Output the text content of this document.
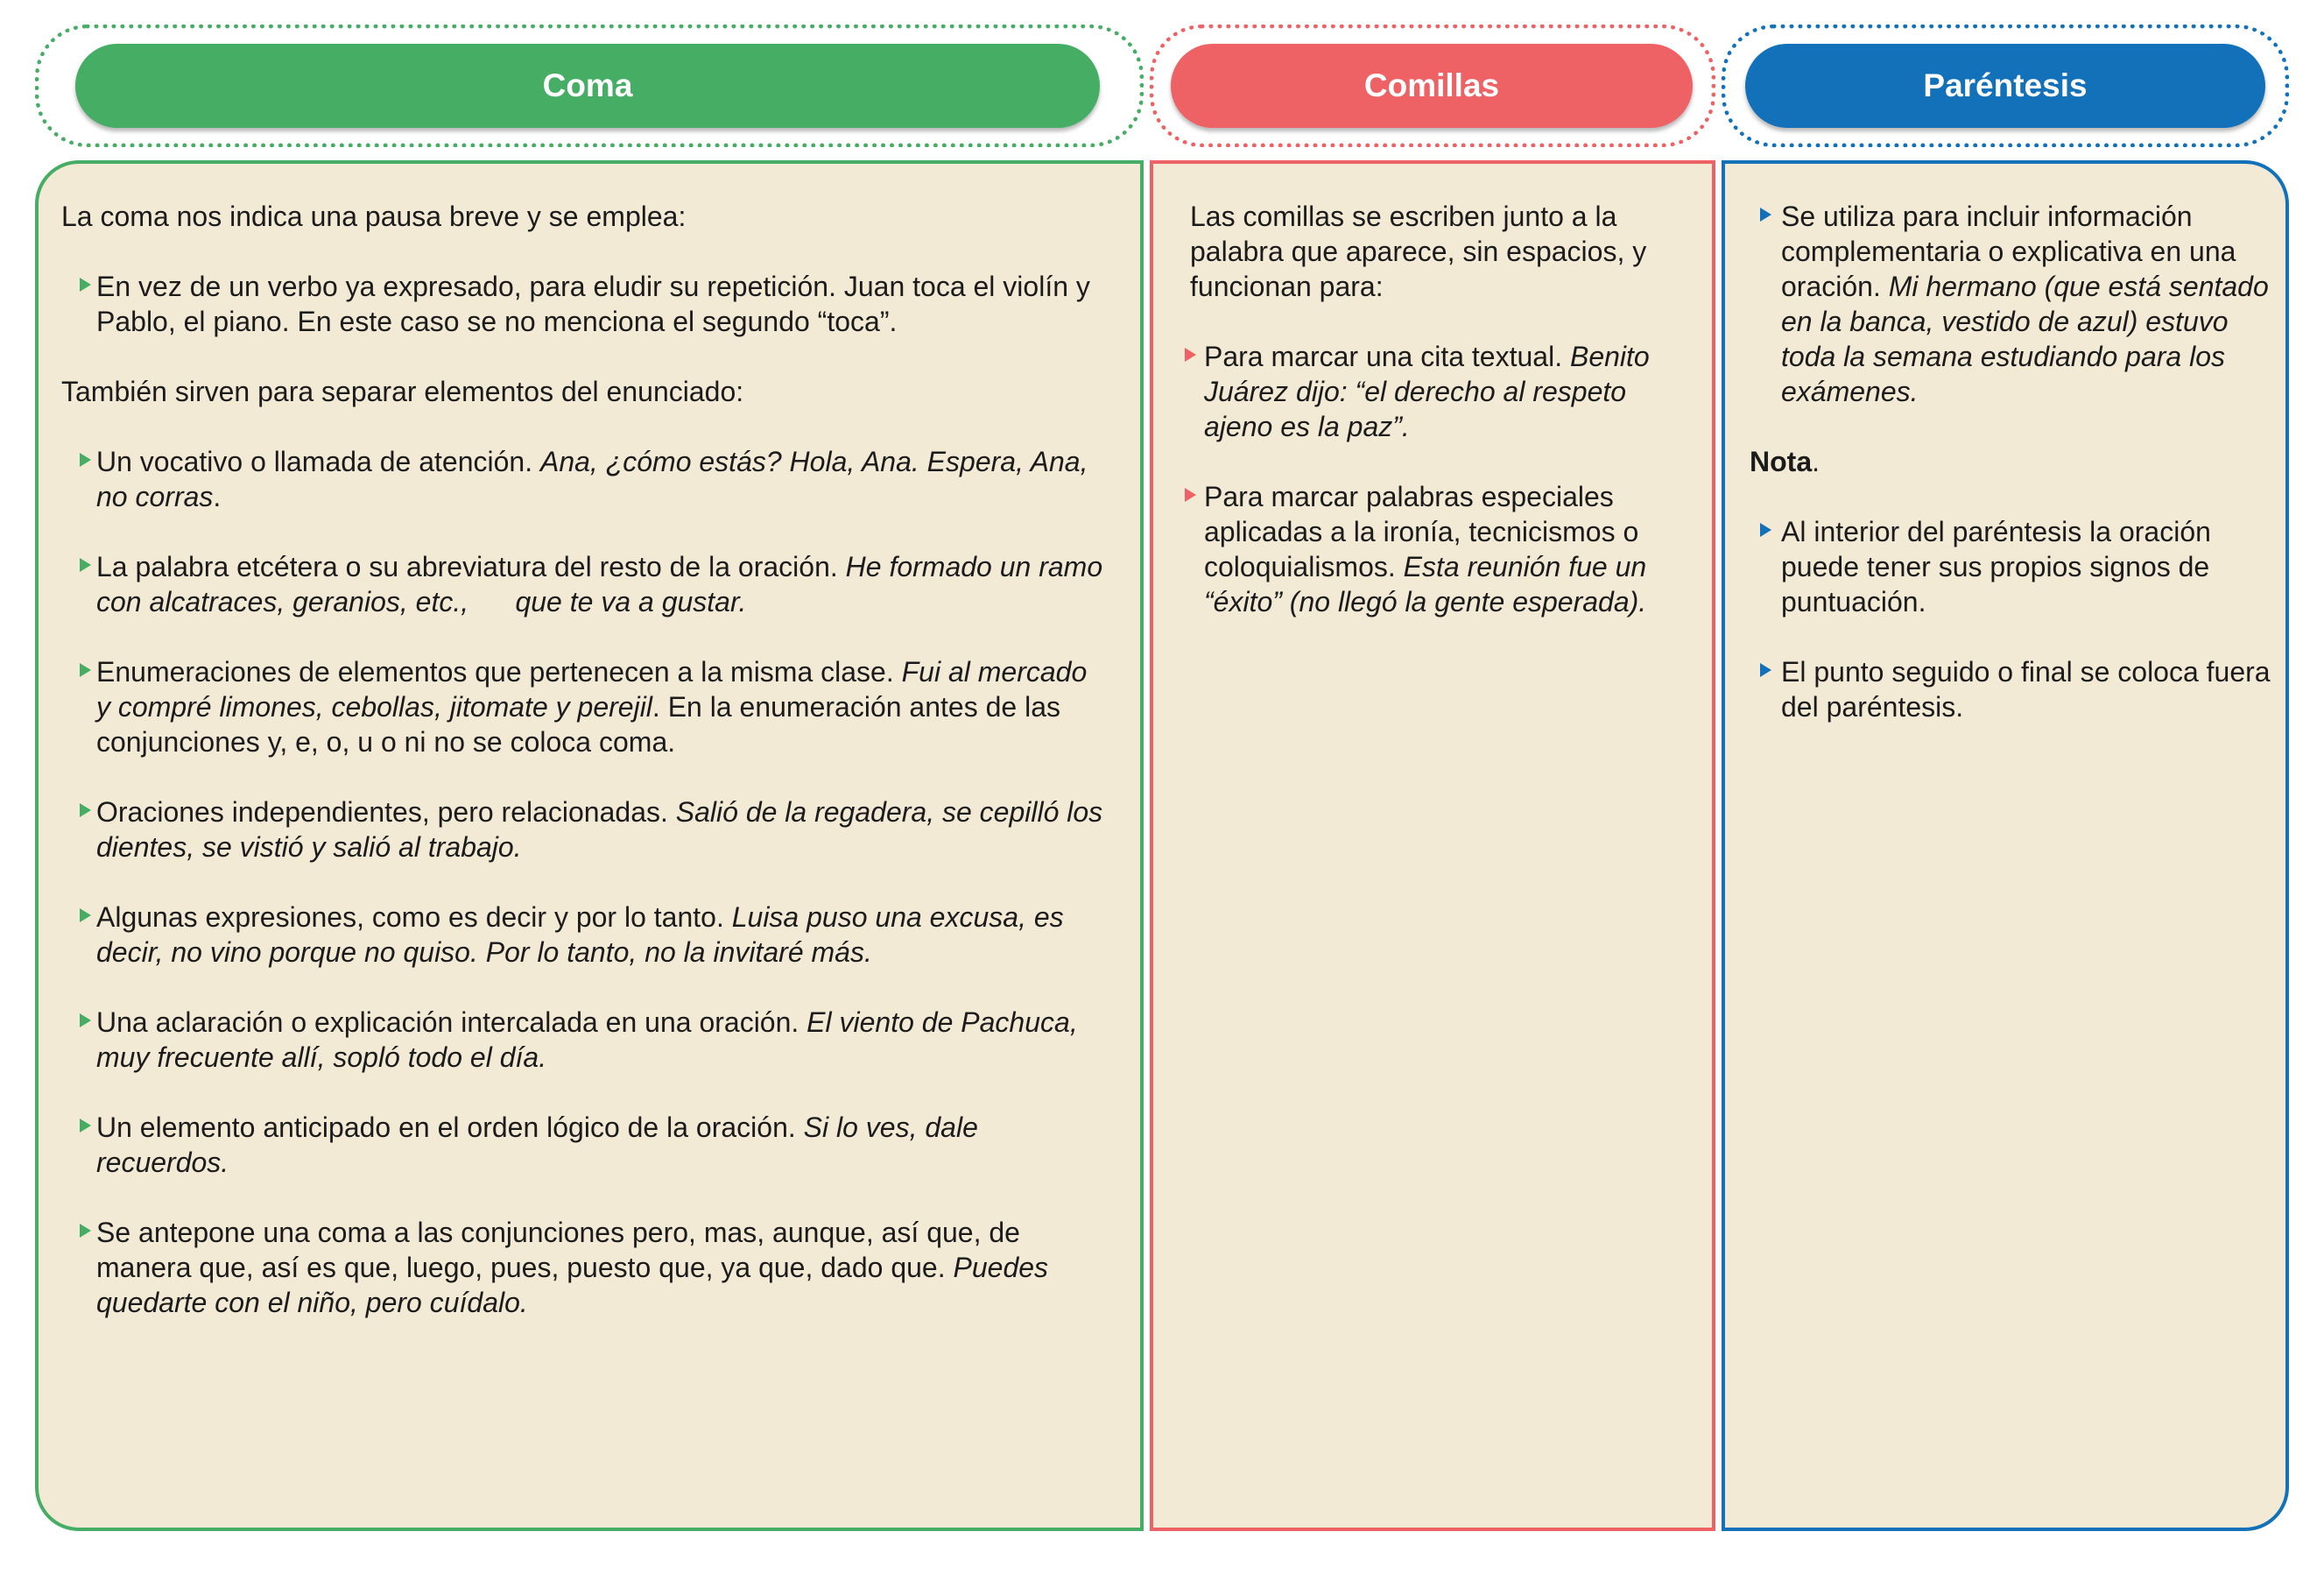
Coma	Comillas	Paréntesis

La coma nos indica una pausa breve y se emplea:

En vez de un verbo ya expresado, para eludir su repetición. Juan toca el violín y Pablo, el piano. En este caso se no menciona el segundo “toca”.

También sirven para separar elementos del enunciado:

Un vocativo o llamada de atención. Ana, ¿cómo estás? Hola, Ana. Espera, Ana, no corras.
La palabra etcétera o su abreviatura del resto de la oración. He formado un ramo con alcatraces, geranios, etc.,      que te va a gustar.
Enumeraciones de elementos que pertenecen a la misma clase. Fui al mercado y compré limones, cebollas, jitomate y perejil. En la enumeración antes de las conjunciones y, e, o, u o ni no se coloca coma.
Oraciones independientes, pero relacionadas. Salió de la regadera, se cepilló los dientes, se vistió y salió al trabajo.
Algunas expresiones, como es decir y por lo tanto. Luisa puso una excusa, es decir, no vino porque no quiso. Por lo tanto, no la invitaré más.
Una aclaración o explicación intercalada en una oración. El viento de Pachuca, muy frecuente allí, sopló todo el día.
Un elemento anticipado en el orden lógico de la oración. Si lo ves, dale recuerdos.
Se antepone una coma a las conjunciones pero, mas, aunque, así que, de manera que, así es que, luego, pues, puesto que, ya que, dado que. Puedes quedarte con el niño, pero cuídalo.

Las comillas se escriben junto a la palabra que aparece, sin espacios, y funcionan para:

Para marcar una cita textual. Benito Juárez dijo: “el derecho al respeto ajeno es la paz”.
Para marcar palabras especiales aplicadas a la ironía, tecnicismos o coloquialismos. Esta reunión fue un “éxito” (no llegó la gente esperada).
Se utiliza para incluir información complementaria o explicativa en una oración. Mi hermano (que está sentado en la banca, vestido de azul) estuvo toda la semana estudiando para los exámenes.

Nota.

Al interior del paréntesis la oración puede tener sus propios signos de puntuación.
El punto seguido o final se coloca fuera del paréntesis.
